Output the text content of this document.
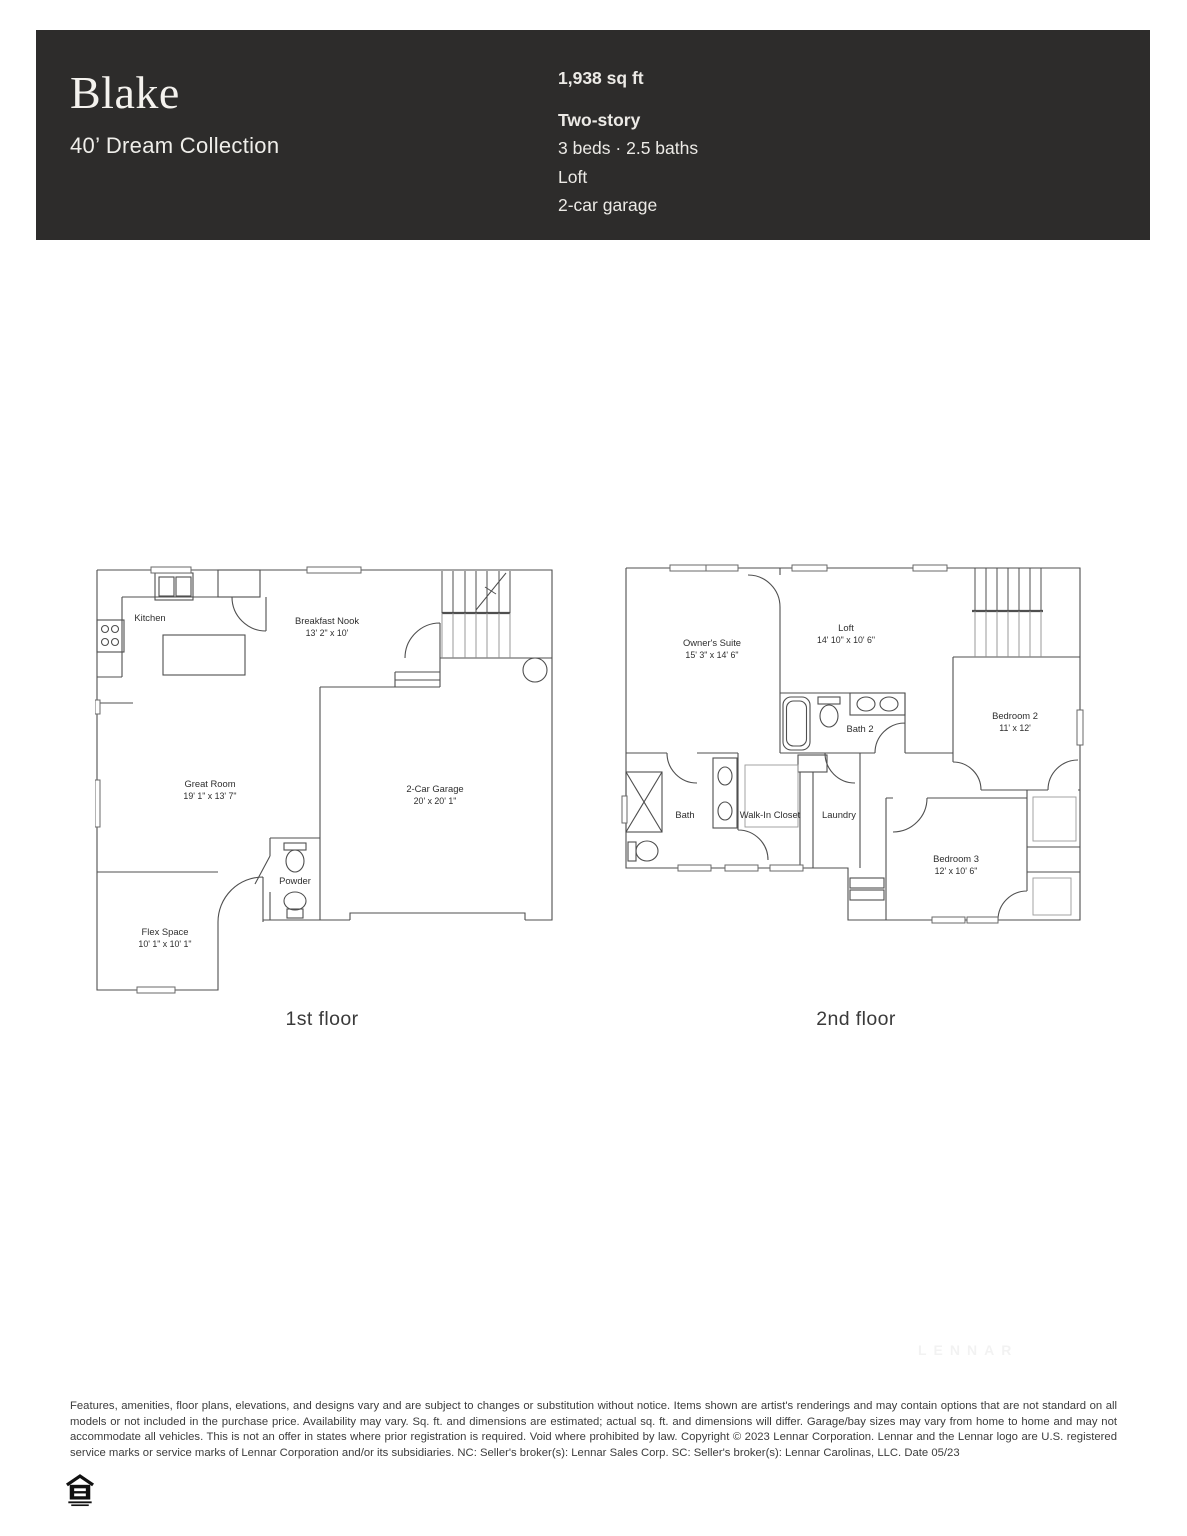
Blake
40’ Dream Collection
1,938 sq ft
Two-story
3 beds · 2.5 baths
Loft
2-car garage
Kitchen	Breakfast Nook
13' 2" x 10'
Great Room
19' 1" x 13' 7"
2-Car Garage
20' x 20' 1"
Powder
Flex Space
10' 1" x 10' 1"
Owner's Suite
15' 3" x 14' 6"
Loft
14' 10" x 10' 6"
Bath 2
Bedroom 2
11' x 12'
Bath	Walk-In Closet Laundry
Bedroom 3
12' x 10' 6"
1st floor	2nd floor
LENNAR
Features, amenities, floor plans, elevations, and designs vary and are subject to changes or substitution without notice. Items shown are artist's renderings and may contain options that are not standard on all models or not included in the purchase price. Availability may vary. Sq. ft. and dimensions are estimated; actual sq. ft. and dimensions will differ. Garage/bay sizes may vary from home to home and may not accommodate all vehicles. This is not an offer in states where prior registration is required. Void where prohibited by law. Copyright © 2023 Lennar Corporation. Lennar and the Lennar logo are U.S. registered service marks or service marks of Lennar Corporation and/or its subsidiaries. NC: Seller's broker(s): Lennar Sales Corp. SC: Seller's broker(s): Lennar Carolinas, LLC. Date 05/23
